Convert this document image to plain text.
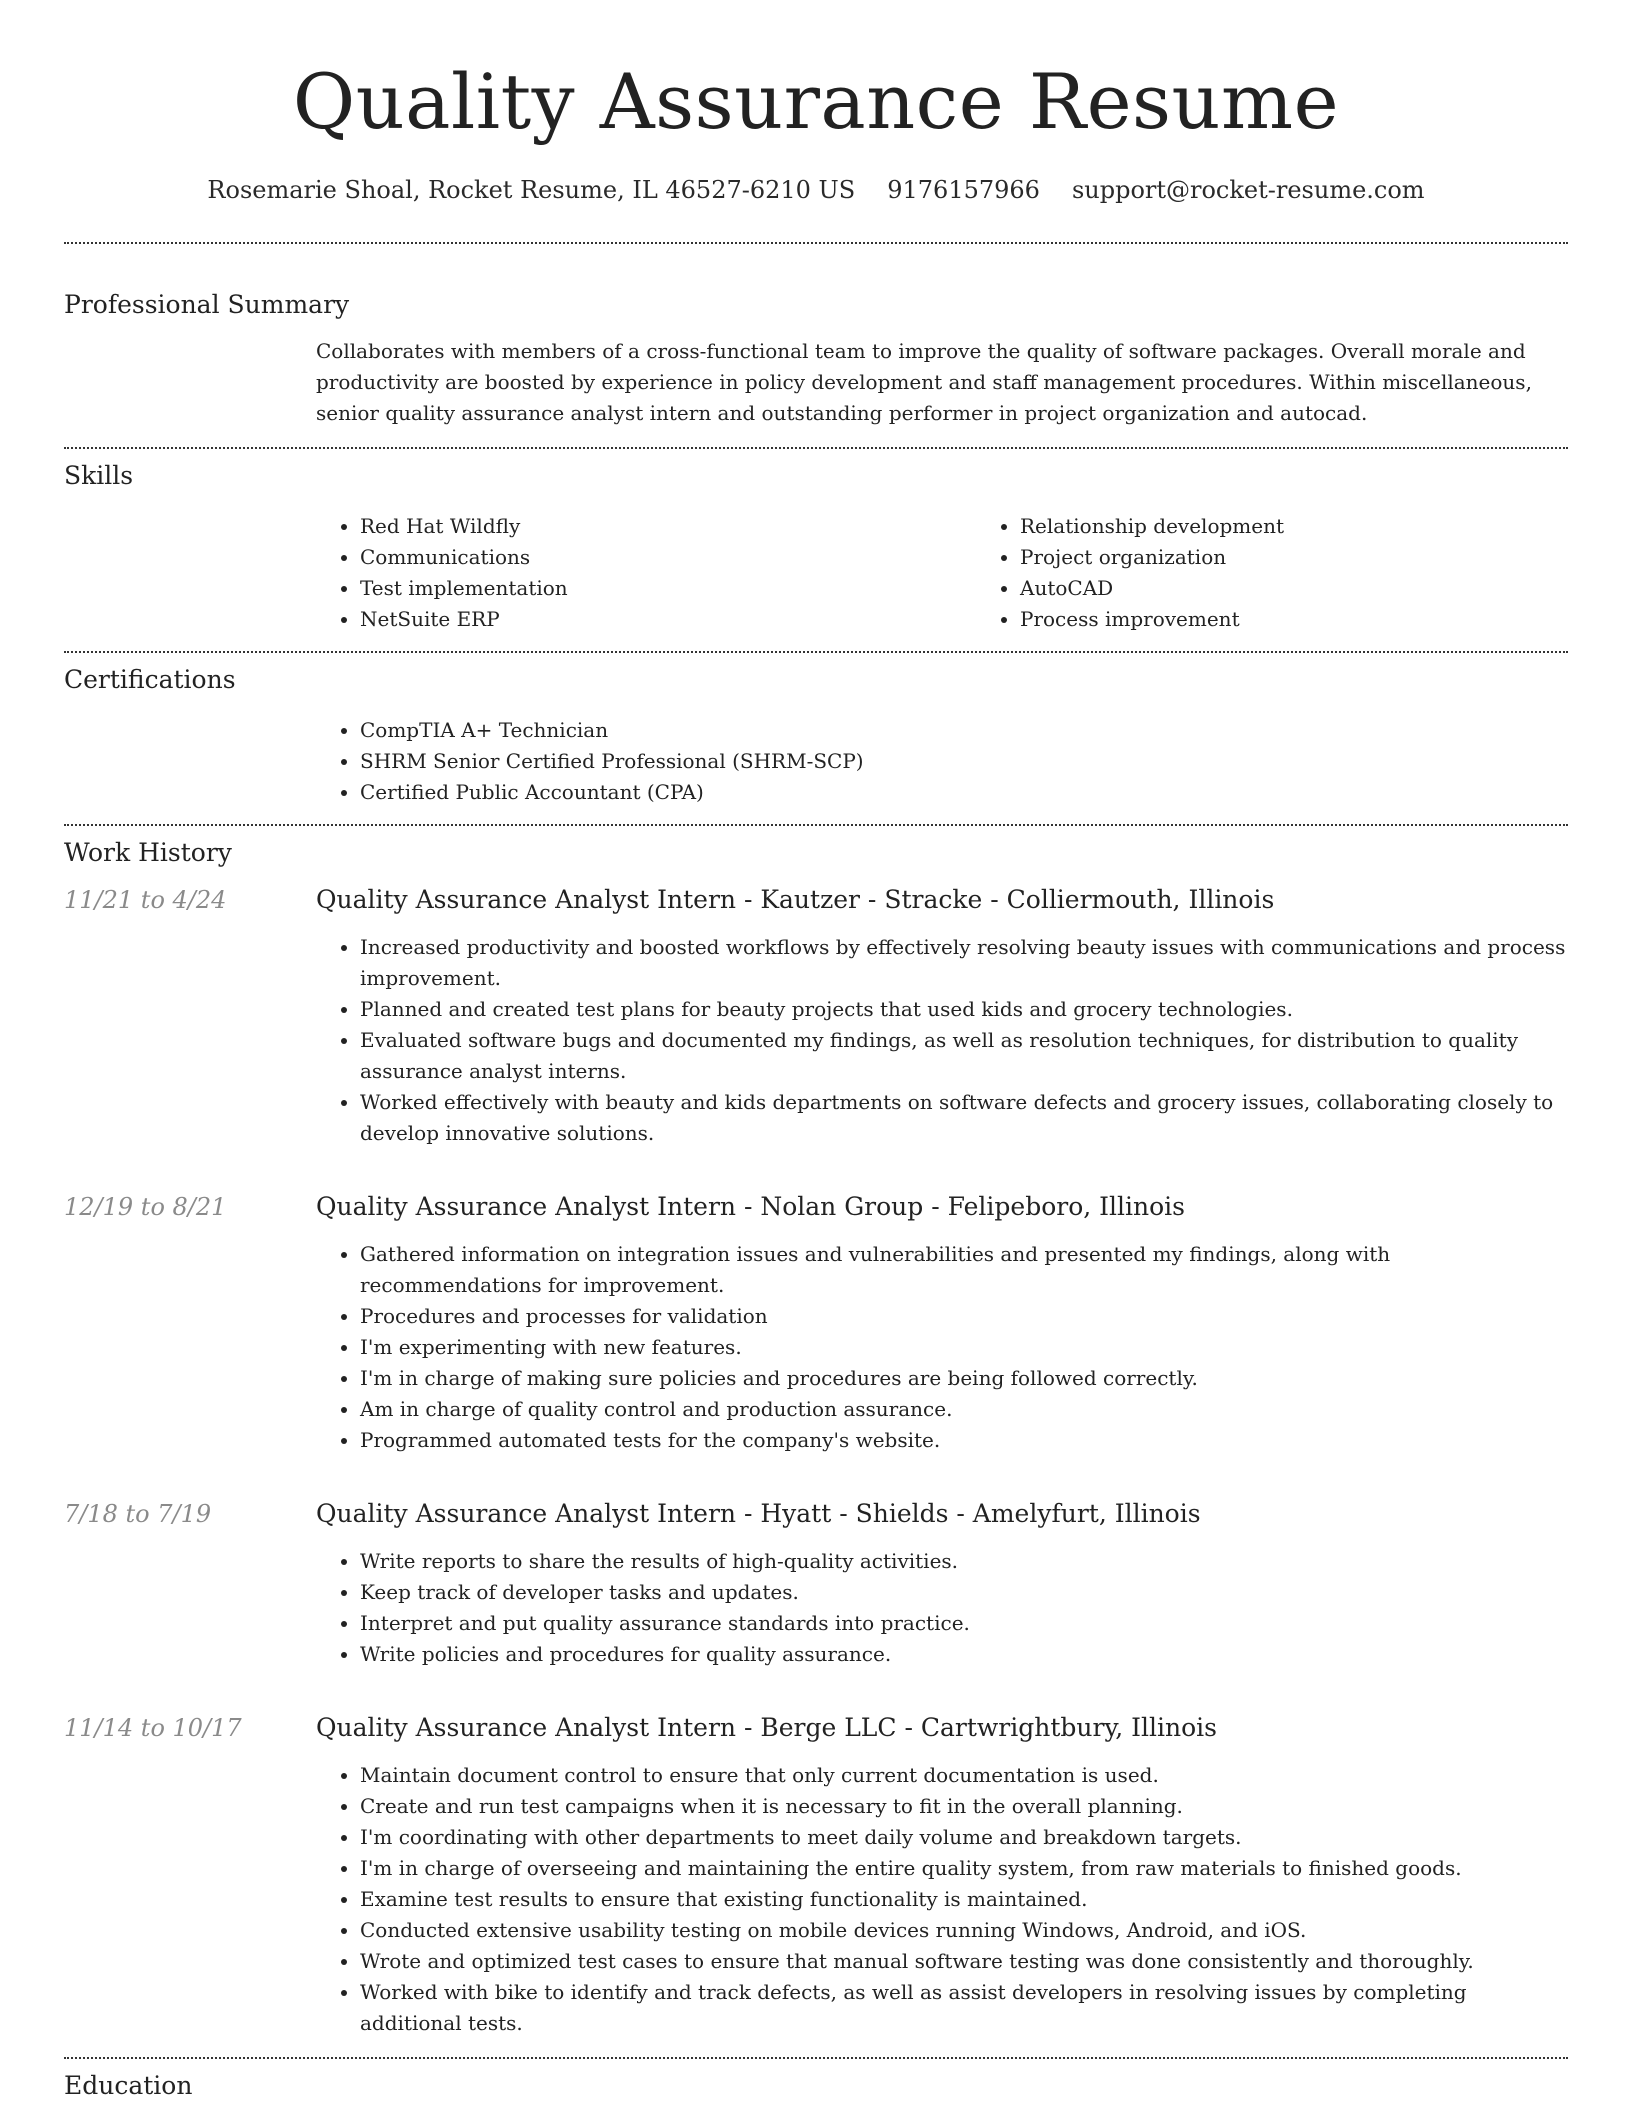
Quality Assurance Resume
Rosemarie Shoal, Rocket Resume, IL 46527-6210 US 9176157966 support@rocket-resume.com
Professional Summary

Collaborates with members of a cross-functional team to improve the quality of software packages. Overall morale and productivity are boosted by experience in policy development and staff management procedures. Within miscellaneous, senior quality assurance analyst intern and outstanding performer in project organization and autocad.

Skills
• Red Hat Wildfly
• Communications
• Test implementation
• NetSuite ERP
• Relationship development
• Project organization
• AutoCAD
• Process improvement
Certifications
• CompTIA A+ Technician
• SHRM Senior Certified Professional (SHRM-SCP)
• Certified Public Accountant (CPA)
Work History
11/21 to 4/24	Quality Assurance Analyst Intern - Kautzer - Stracke - Colliermouth, Illinois
• Increased productivity and boosted workflows by effectively resolving beauty issues with communications and process improvement.
• Planned and created test plans for beauty projects that used kids and grocery technologies.
• Evaluated software bugs and documented my findings, as well as resolution techniques, for distribution to quality assurance analyst interns.
• Worked effectively with beauty and kids departments on software defects and grocery issues, collaborating closely to develop innovative solutions.
12/19 to 8/21	Quality Assurance Analyst Intern - Nolan Group - Felipeboro, Illinois
• Gathered information on integration issues and vulnerabilities and presented my findings, along with recommendations for improvement.
• Procedures and processes for validation
• I'm experimenting with new features.
• I'm in charge of making sure policies and procedures are being followed correctly.
• Am in charge of quality control and production assurance.
• Programmed automated tests for the company's website.
7/18 to 7/19	Quality Assurance Analyst Intern - Hyatt - Shields - Amelyfurt, Illinois
• Write reports to share the results of high-quality activities.
• Keep track of developer tasks and updates.
• Interpret and put quality assurance standards into practice.
• Write policies and procedures for quality assurance.
11/14 to 10/17	Quality Assurance Analyst Intern - Berge LLC - Cartwrightbury, Illinois
• Maintain document control to ensure that only current documentation is used.
• Create and run test campaigns when it is necessary to fit in the overall planning.
• I'm coordinating with other departments to meet daily volume and breakdown targets.
• I'm in charge of overseeing and maintaining the entire quality system, from raw materials to finished goods.
• Examine test results to ensure that existing functionality is maintained.
• Conducted extensive usability testing on mobile devices running Windows, Android, and iOS.
• Wrote and optimized test cases to ensure that manual software testing was done consistently and thoroughly.
• Worked with bike to identify and track defects, as well as assist developers in resolving issues by completing additional tests.
Education
